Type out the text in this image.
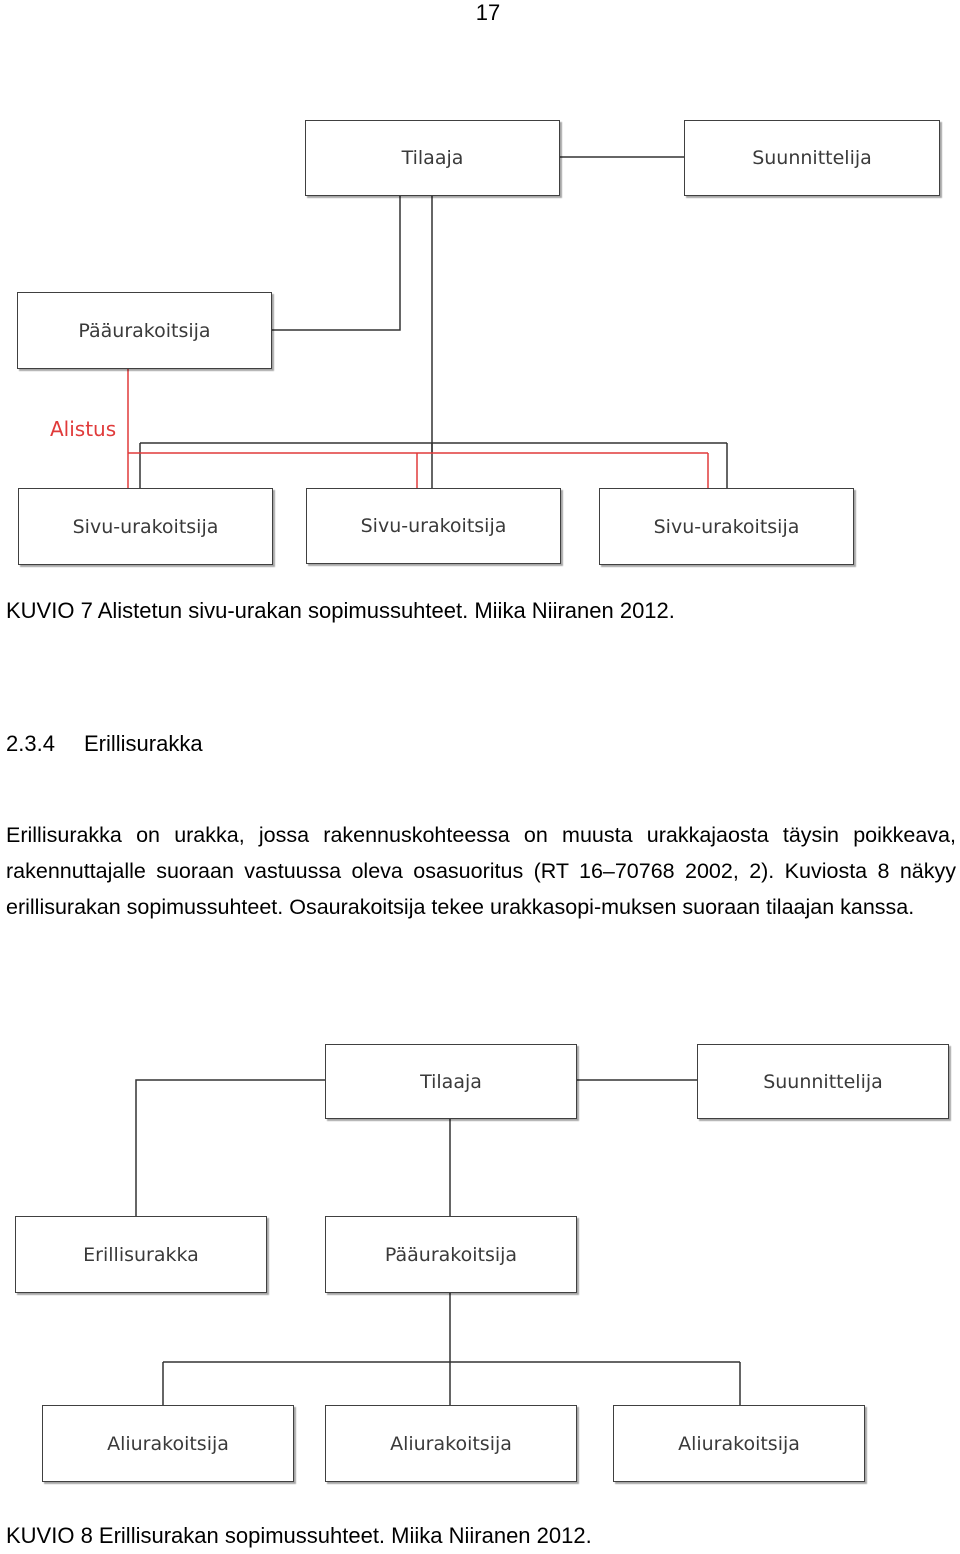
17
Tilaaja	Suunnittelija
Pääurakoitsija
Alistus
Sivu-urakoitsija	Sivu-urakoitsija	Sivu-urakoitsija
KUVIO 7 Alistetun sivu-urakan sopimussuhteet. Miika Niiranen 2012.
2.3.4 Erillisurakka
Erillisurakka on urakka, jossa rakennuskohteessa on muusta urakkajaosta täysin poikkeava, rakennuttajalle suoraan vastuussa oleva osasuoritus (RT 16–70768 2002, 2). Kuviosta 8 näkyy erillisurakan sopimussuhteet. Osaurakoitsija tekee urakkasopi-muksen suoraan tilaajan kanssa.
Tilaaja	Suunnittelija
Erillisurakka	Pääurakoitsija
Aliurakoitsija	Aliurakoitsija	Aliurakoitsija
KUVIO 8 Erillisurakan sopimussuhteet. Miika Niiranen 2012.
